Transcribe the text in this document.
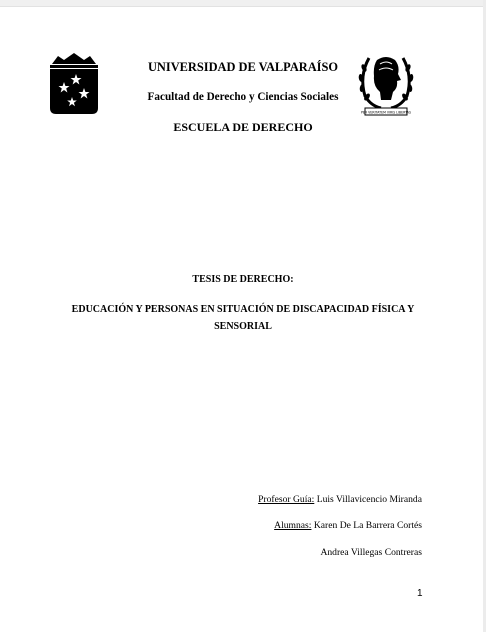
UNIVERSIDAD DE VALPARAÍSO
Facultad de Derecho y Ciencias Sociales
ESCUELA DE DERECHO
PER VERITATEM VIRIS LIBERTAS
TESIS DE DERECHO:
EDUCACIÓN Y PERSONAS EN SITUACIÓN DE DISCAPACIDAD FÍSICA Y SENSORIAL
Profesor Guía: Luis Villavicencio Miranda
Alumnas: Karen De La Barrera Cortés
Andrea Villegas Contreras
1
